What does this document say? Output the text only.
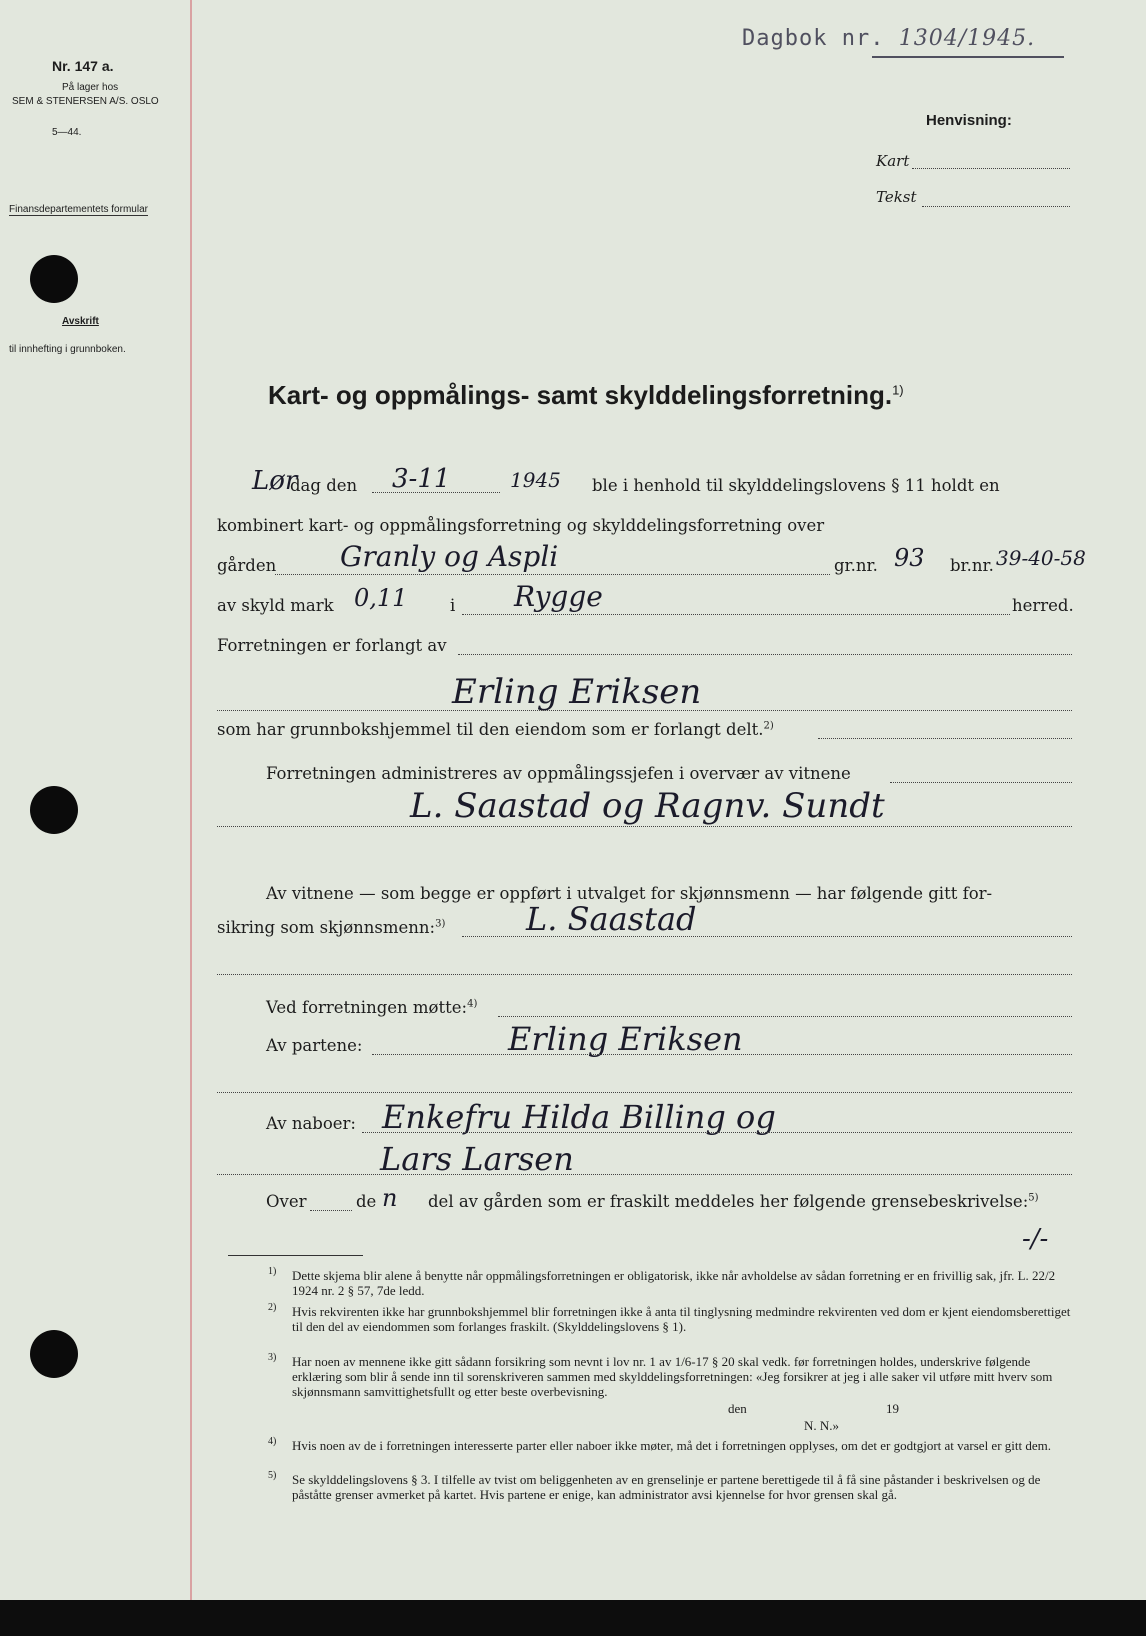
Nr. 147 a.
På lager hos
SEM & STENERSEN A/S. OSLO
5—44.
Finansdepartementets formular
Avskrift
til innhefting i grunnboken.
Dagbok nr. 1304/1945.
Henvisning:
Kart
Tekst
Kart- og oppmålings- samt skylddelingsforretning.$^{1)}$
Lør
dag den 3-11	1945 ble i henhold til skylddelingslovens § 11 holdt en
kombinert kart- og oppmålingsforretning og skylddelingsforretning over
gården Granly og Aspli	gr.nr. 93 br.nr. 39-40-58
av skyld mark 0,11	i Rygge	herred.
Forretningen er forlangt av
Erling Eriksen
som har grunnbokshjemmel til den eiendom som er forlangt delt.$^{2)}$
Forretningen administreres av oppmålingssjefen i overvær av vitnene
L. Saastad og Ragnv. Sundt
Av vitnene — som begge er oppført i utvalget for skjønnsmenn — har følgende gitt for-
sikring som skjønnsmenn:$^{3)}$	L. Saastad
Ved forretningen møtte:$^{4)}$
Av partene:	Erling Eriksen
Av naboer: Enkefru Hilda Billing og
Lars Larsen
Over	de n del av gården som er fraskilt meddeles her følgende grensebeskrivelse:$^{5)}$
-/-
1) Dette skjema blir alene å benytte når oppmålingsforretningen er obligatorisk, ikke når avholdelse av sådan forretning er en frivillig sak, jfr. L. 22/2 1924 nr. 2 § 57, 7de ledd.
2) Hvis rekvirenten ikke har grunnbokshjemmel blir forretningen ikke å anta til tinglysning medmindre rekvirenten ved dom er kjent eiendomsberettiget til den del av eiendommen som forlanges fraskilt. (Skylddelingslovens § 1).
3) Har noen av mennene ikke gitt sådann forsikring som nevnt i lov nr. 1 av 1/6-17 § 20 skal vedk. før forretningen holdes, underskrive følgende erklæring som blir å sende inn til sorenskriveren sammen med skylddelingsforretningen: «Jeg forsikrer at jeg i alle saker vil utføre mitt hverv som skjønnsmann samvittighetsfullt og etter beste overbevisning.
den	19
N. N.»
4) Hvis noen av de i forretningen interesserte parter eller naboer ikke møter, må det i forretningen opplyses, om det er godtgjort at varsel er gitt dem.
5) Se skylddelingslovens § 3. I tilfelle av tvist om beliggenheten av en grenselinje er partene berettigede til å få sine påstander i beskrivelsen og de påståtte grenser avmerket på kartet. Hvis partene er enige, kan administrator avsi kjennelse for hvor grensen skal gå.
